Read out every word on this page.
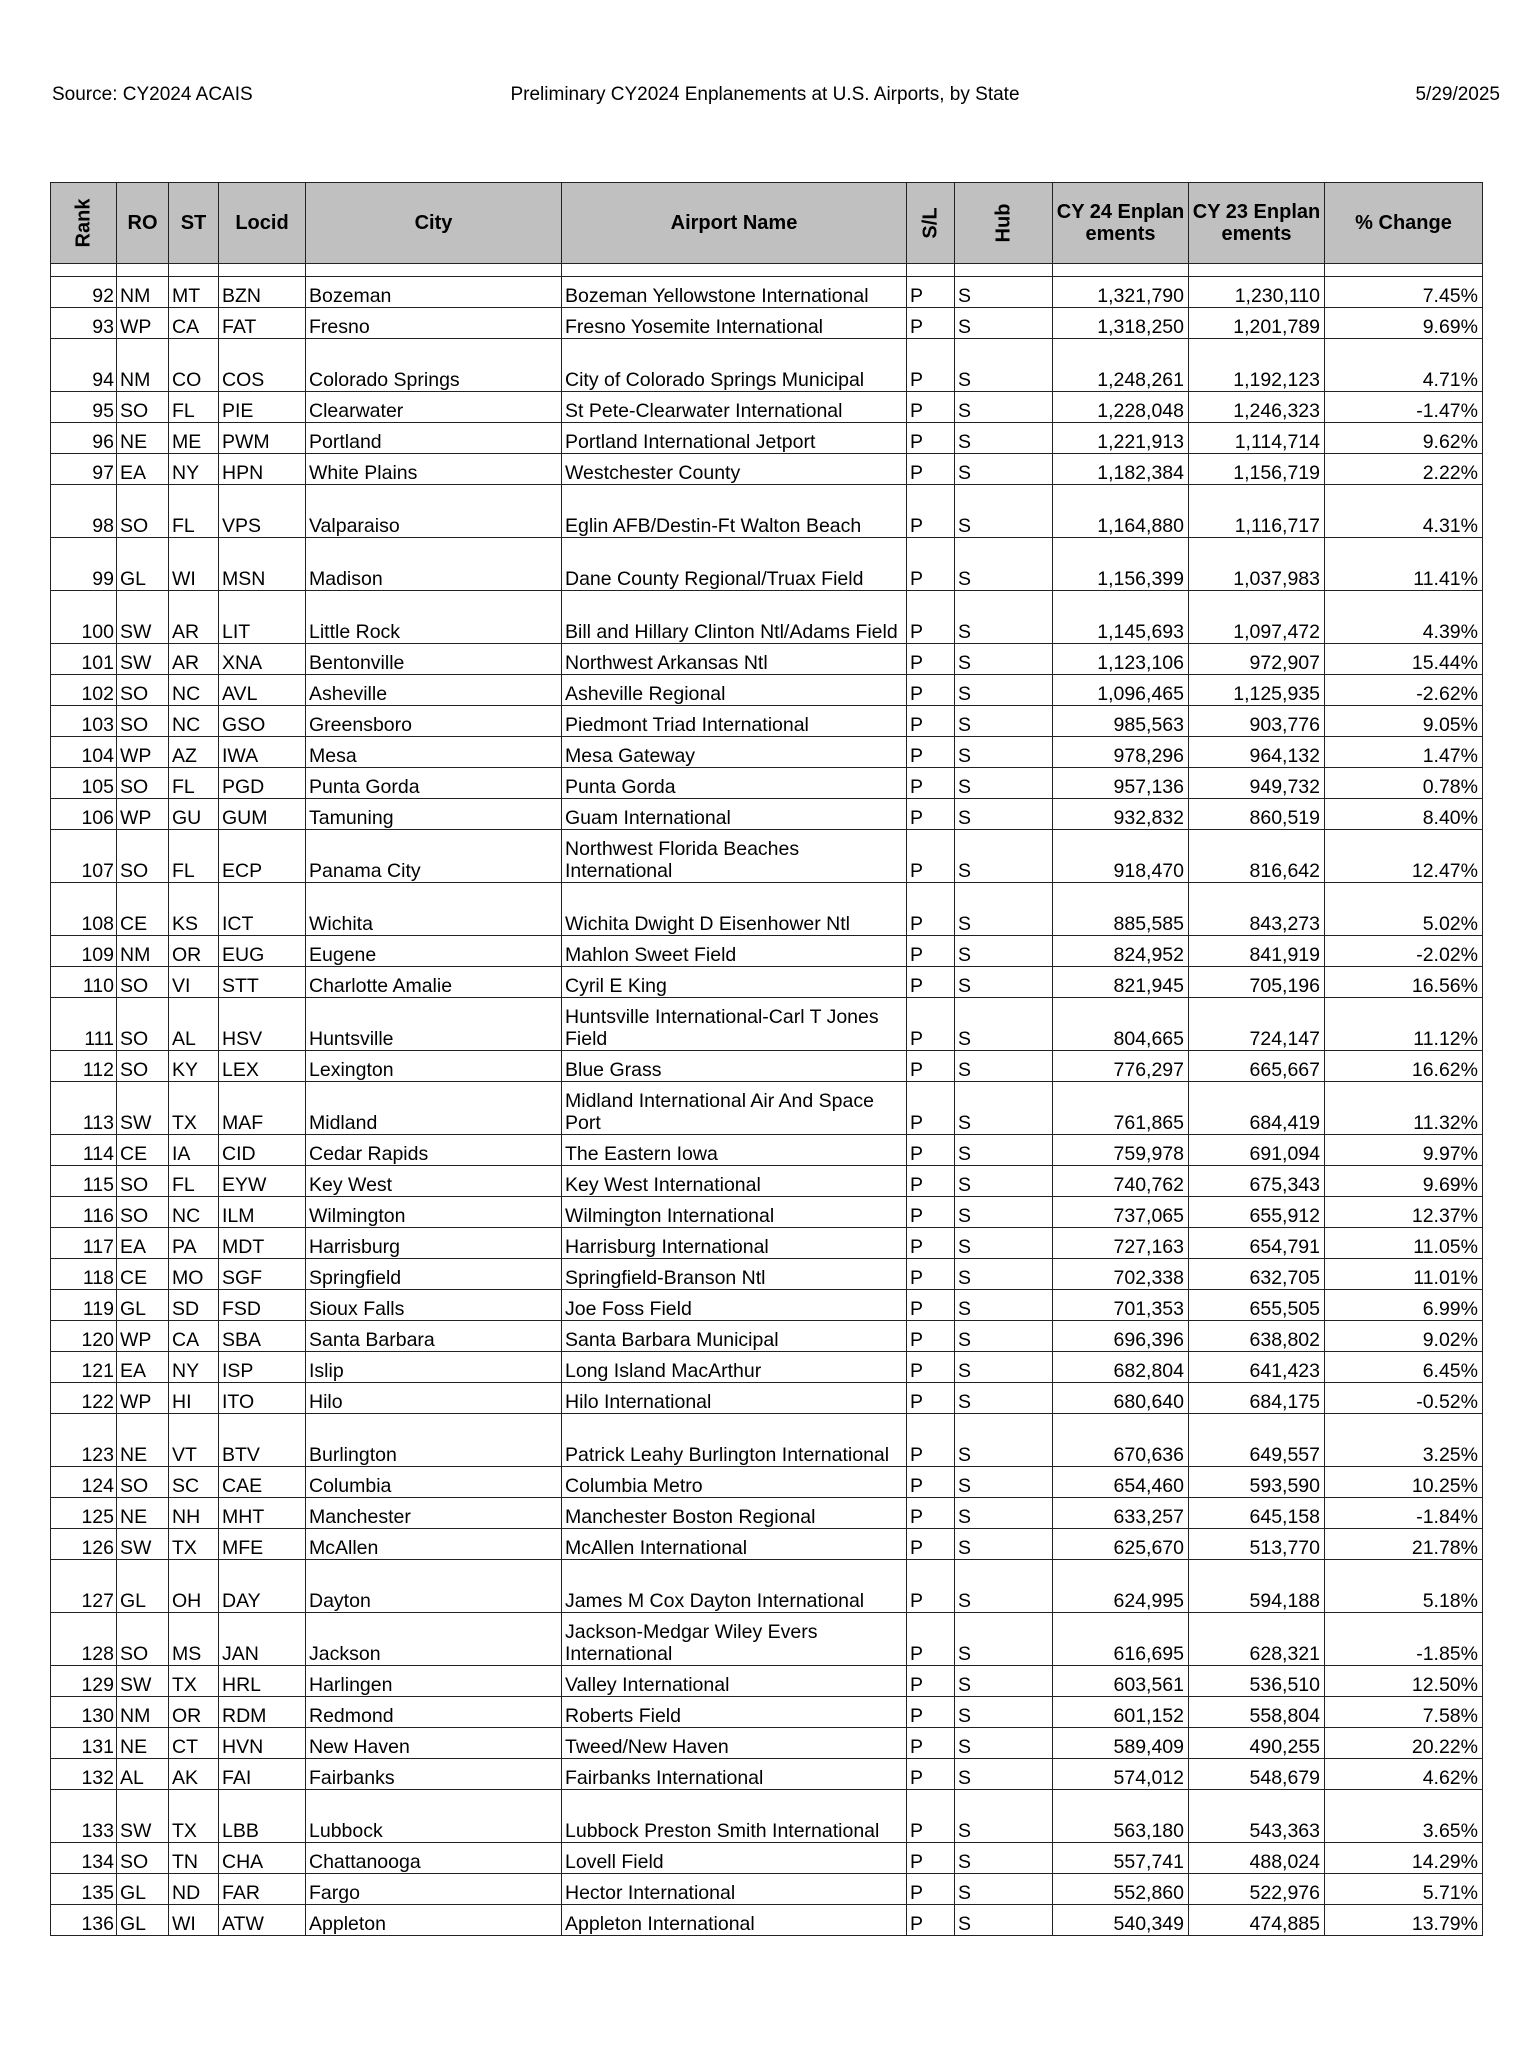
Source: CY2024 ACAIS	Preliminary CY2024 Enplanements at U.S. Airports, by State	5/29/2025
Rank	RO	ST	Locid	City	Airport Name	S/L	Hub	CY 24 Enplanements	CY 23 Enplanements	% Change

92	NM	MT	BZN	Bozeman	Bozeman Yellowstone International	P	S	1,321,790	1,230,110	7.45%
93	WP	CA	FAT	Fresno	Fresno Yosemite International	P	S	1,318,250	1,201,789	9.69%
94	NM	CO	COS	Colorado Springs	City of Colorado Springs Municipal	P	S	1,248,261	1,192,123	4.71%
95	SO	FL	PIE	Clearwater	St Pete-Clearwater International	P	S	1,228,048	1,246,323	-1.47%
96	NE	ME	PWM	Portland	Portland International Jetport	P	S	1,221,913	1,114,714	9.62%
97	EA	NY	HPN	White Plains	Westchester County	P	S	1,182,384	1,156,719	2.22%
98	SO	FL	VPS	Valparaiso	Eglin AFB/Destin-Ft Walton Beach	P	S	1,164,880	1,116,717	4.31%
99	GL	WI	MSN	Madison	Dane County Regional/Truax Field	P	S	1,156,399	1,037,983	11.41%
100	SW	AR	LIT	Little Rock	Bill and Hillary Clinton Ntl/Adams Field	P	S	1,145,693	1,097,472	4.39%
101	SW	AR	XNA	Bentonville	Northwest Arkansas Ntl	P	S	1,123,106	972,907	15.44%
102	SO	NC	AVL	Asheville	Asheville Regional	P	S	1,096,465	1,125,935	-2.62%
103	SO	NC	GSO	Greensboro	Piedmont Triad International	P	S	985,563	903,776	9.05%
104	WP	AZ	IWA	Mesa	Mesa Gateway	P	S	978,296	964,132	1.47%
105	SO	FL	PGD	Punta Gorda	Punta Gorda	P	S	957,136	949,732	0.78%
106	WP	GU	GUM	Tamuning	Guam International	P	S	932,832	860,519	8.40%
107	SO	FL	ECP	Panama City	Northwest Florida Beaches International	P	S	918,470	816,642	12.47%
108	CE	KS	ICT	Wichita	Wichita Dwight D Eisenhower Ntl	P	S	885,585	843,273	5.02%
109	NM	OR	EUG	Eugene	Mahlon Sweet Field	P	S	824,952	841,919	-2.02%
110	SO	VI	STT	Charlotte Amalie	Cyril E King	P	S	821,945	705,196	16.56%
111	SO	AL	HSV	Huntsville	Huntsville International-Carl T Jones Field	P	S	804,665	724,147	11.12%
112	SO	KY	LEX	Lexington	Blue Grass	P	S	776,297	665,667	16.62%
113	SW	TX	MAF	Midland	Midland International Air And Space Port	P	S	761,865	684,419	11.32%
114	CE	IA	CID	Cedar Rapids	The Eastern Iowa	P	S	759,978	691,094	9.97%
115	SO	FL	EYW	Key West	Key West International	P	S	740,762	675,343	9.69%
116	SO	NC	ILM	Wilmington	Wilmington International	P	S	737,065	655,912	12.37%
117	EA	PA	MDT	Harrisburg	Harrisburg International	P	S	727,163	654,791	11.05%
118	CE	MO	SGF	Springfield	Springfield-Branson Ntl	P	S	702,338	632,705	11.01%
119	GL	SD	FSD	Sioux Falls	Joe Foss Field	P	S	701,353	655,505	6.99%
120	WP	CA	SBA	Santa Barbara	Santa Barbara Municipal	P	S	696,396	638,802	9.02%
121	EA	NY	ISP	Islip	Long Island MacArthur	P	S	682,804	641,423	6.45%
122	WP	HI	ITO	Hilo	Hilo International	P	S	680,640	684,175	-0.52%
123	NE	VT	BTV	Burlington	Patrick Leahy Burlington International	P	S	670,636	649,557	3.25%
124	SO	SC	CAE	Columbia	Columbia Metro	P	S	654,460	593,590	10.25%
125	NE	NH	MHT	Manchester	Manchester Boston Regional	P	S	633,257	645,158	-1.84%
126	SW	TX	MFE	McAllen	McAllen International	P	S	625,670	513,770	21.78%
127	GL	OH	DAY	Dayton	James M Cox Dayton International	P	S	624,995	594,188	5.18%
128	SO	MS	JAN	Jackson	Jackson-Medgar Wiley Evers International	P	S	616,695	628,321	-1.85%
129	SW	TX	HRL	Harlingen	Valley International	P	S	603,561	536,510	12.50%
130	NM	OR	RDM	Redmond	Roberts Field	P	S	601,152	558,804	7.58%
131	NE	CT	HVN	New Haven	Tweed/New Haven	P	S	589,409	490,255	20.22%
132	AL	AK	FAI	Fairbanks	Fairbanks International	P	S	574,012	548,679	4.62%
133	SW	TX	LBB	Lubbock	Lubbock Preston Smith International	P	S	563,180	543,363	3.65%
134	SO	TN	CHA	Chattanooga	Lovell Field	P	S	557,741	488,024	14.29%
135	GL	ND	FAR	Fargo	Hector International	P	S	552,860	522,976	5.71%
136	GL	WI	ATW	Appleton	Appleton International	P	S	540,349	474,885	13.79%
